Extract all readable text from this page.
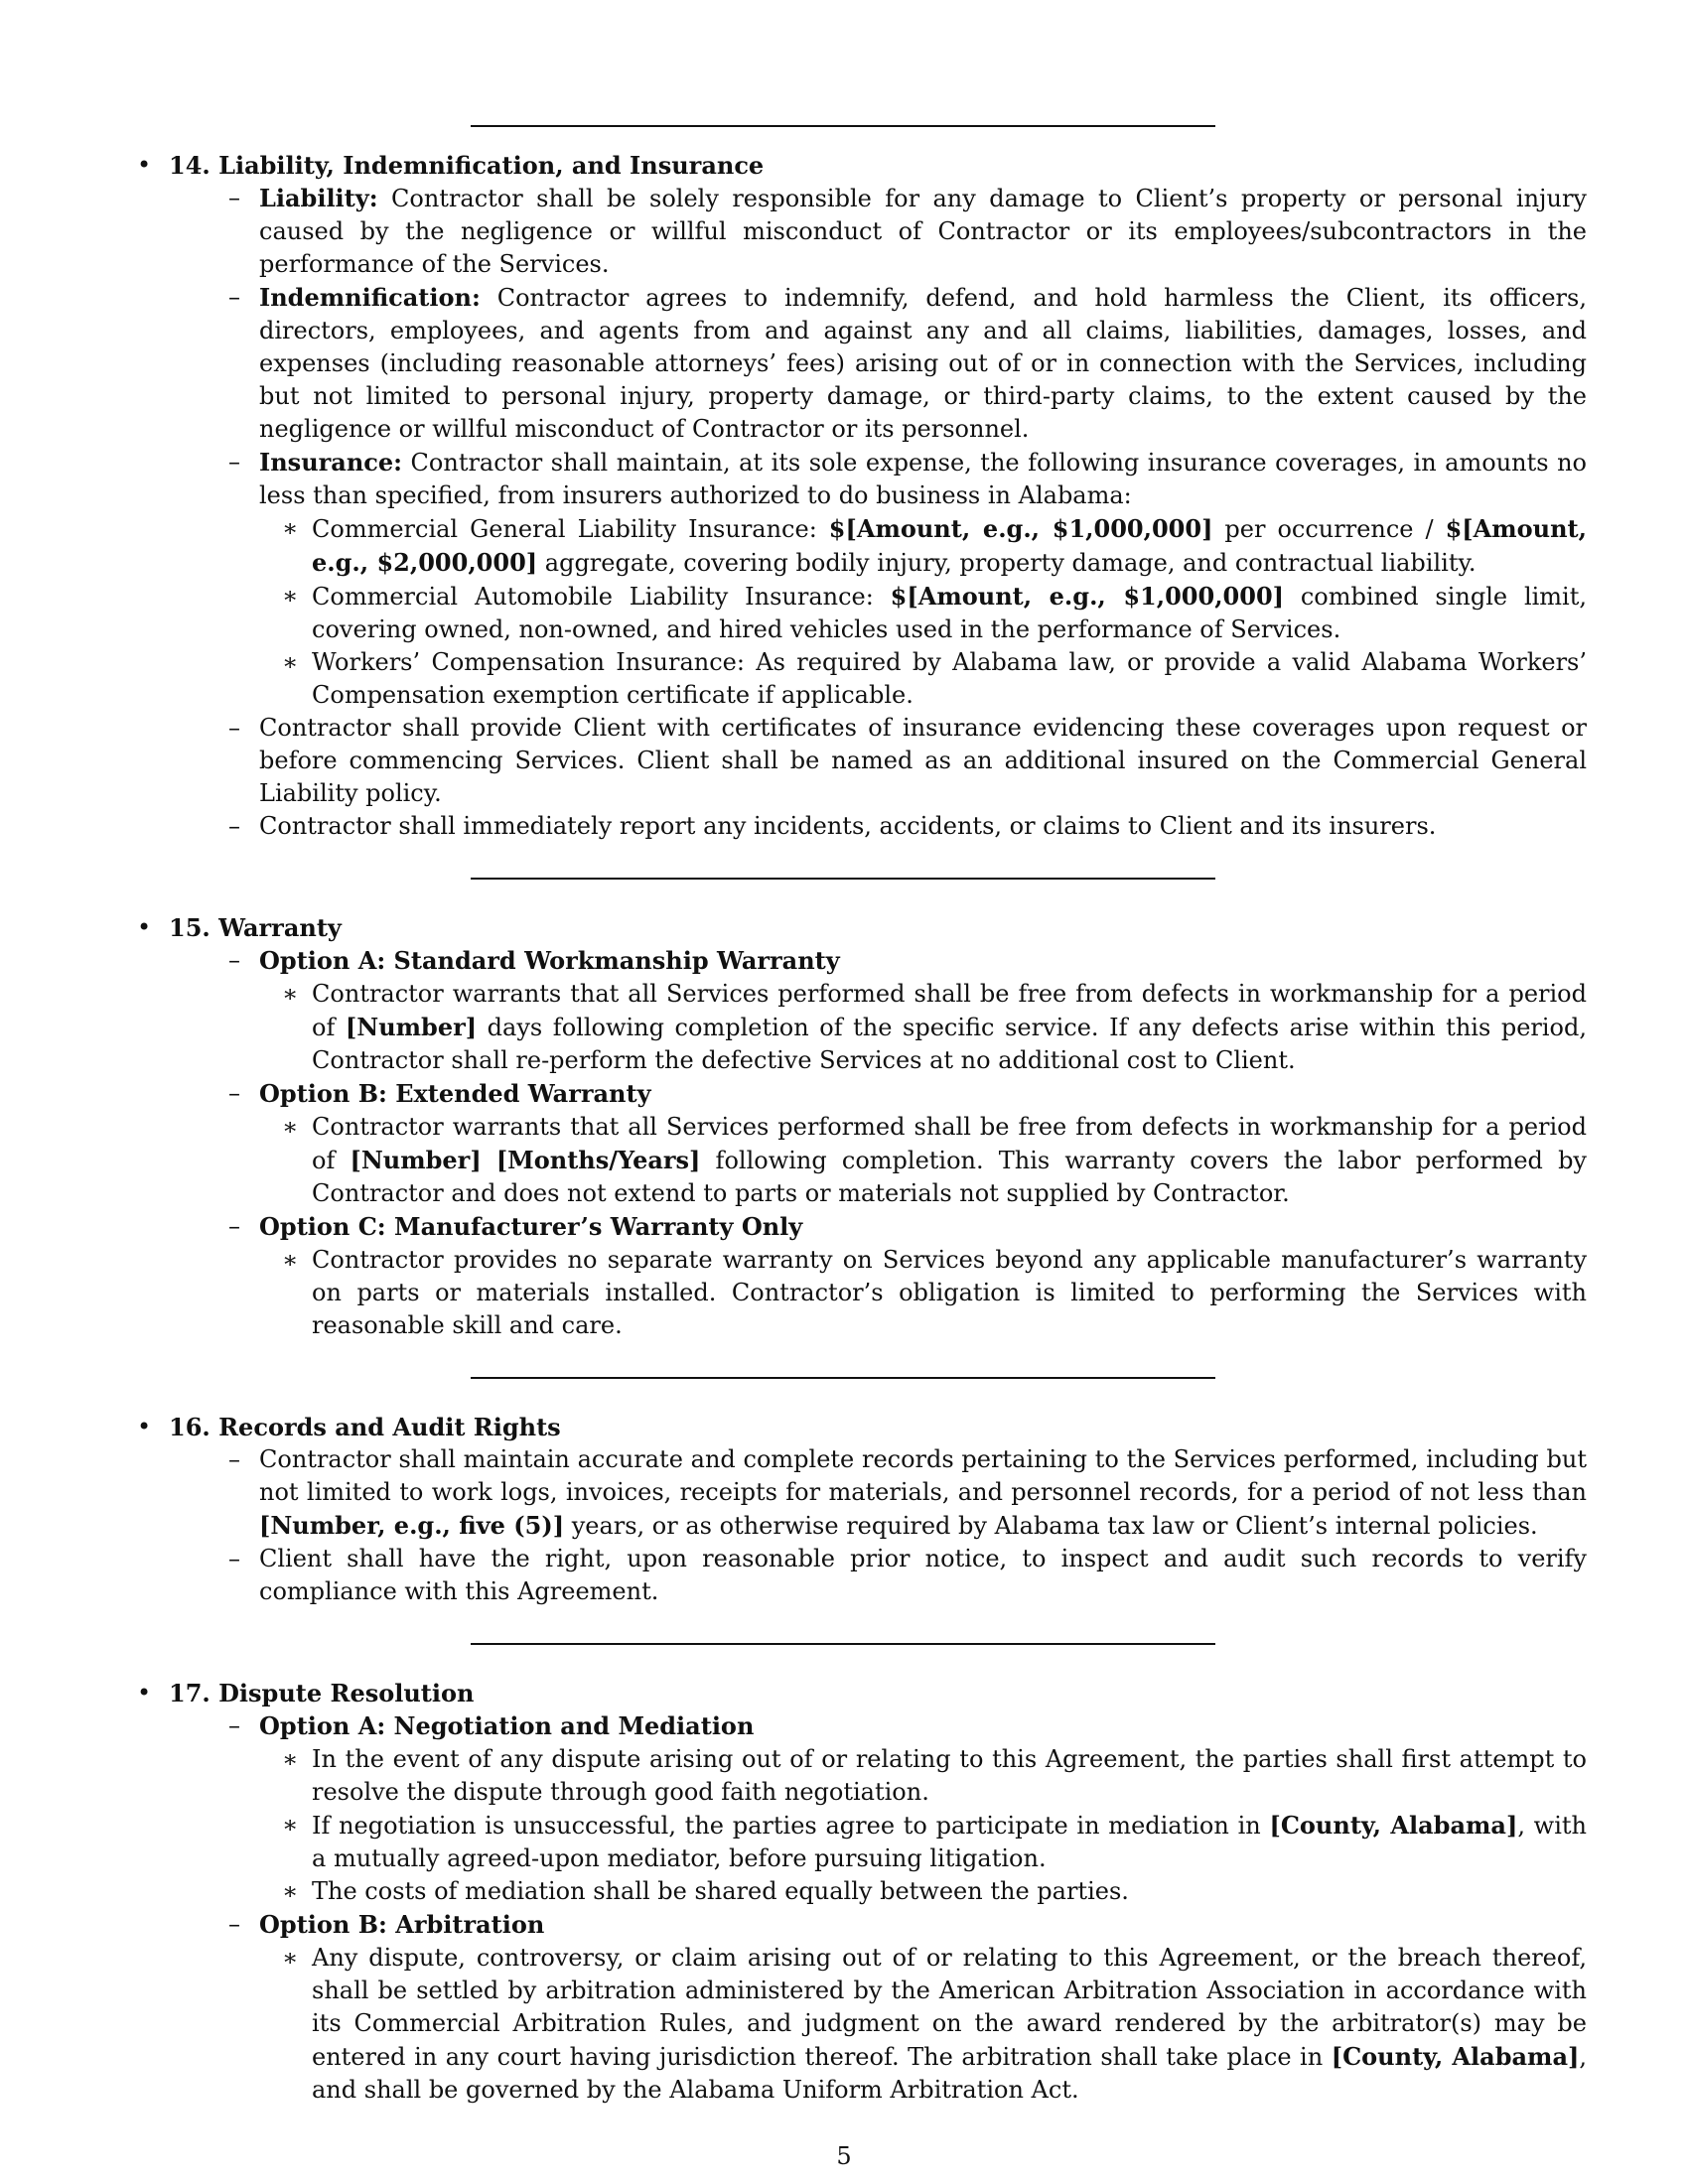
• 14. Liability, Indemnification, and Insurance
– Liability: Contractor shall be solely responsible for any damage to Client’s property or personal injury caused by the negligence or willful misconduct of Contractor or its employees/subcontractors in the performance of the Services.
– Indemnification: Contractor agrees to indemnify, defend, and hold harmless the Client, its officers, directors, employees, and agents from and against any and all claims, liabilities, damages, losses, and expenses (including reasonable attorneys’ fees) arising out of or in connection with the Services, including but not limited to personal injury, property damage, or third-party claims, to the extent caused by the negligence or willful misconduct of Contractor or its personnel.
– Insurance: Contractor shall maintain, at its sole expense, the following insurance coverages, in amounts no less than specified, from insurers authorized to do business in Alabama:
∗ Commercial General Liability Insurance: $[Amount, e.g., $1,000,000] per occurrence / $[Amount, e.g., $2,000,000] aggregate, covering bodily injury, property damage, and contractual liability.
∗ Commercial Automobile Liability Insurance: $[Amount, e.g., $1,000,000] combined single limit, covering owned, non-owned, and hired vehicles used in the performance of Services.
∗ Workers’ Compensation Insurance: As required by Alabama law, or provide a valid Alabama Workers’ Compensation exemption certificate if applicable.
– Contractor shall provide Client with certificates of insurance evidencing these coverages upon request or before commencing Services. Client shall be named as an additional insured on the Commercial General Liability policy.
– Contractor shall immediately report any incidents, accidents, or claims to Client and its insurers.
• 15. Warranty
– Option A: Standard Workmanship Warranty
∗ Contractor warrants that all Services performed shall be free from defects in workmanship for a period of [Number] days following completion of the specific service. If any defects arise within this period, Contractor shall re-perform the defective Services at no additional cost to Client.
– Option B: Extended Warranty
∗ Contractor warrants that all Services performed shall be free from defects in workmanship for a period of [Number] [Months/Years] following completion. This warranty covers the labor performed by Contractor and does not extend to parts or materials not supplied by Contractor.
– Option C: Manufacturer’s Warranty Only
∗ Contractor provides no separate warranty on Services beyond any applicable manufacturer’s warranty on parts or materials installed. Contractor’s obligation is limited to performing the Services with reasonable skill and care.
• 16. Records and Audit Rights
– Contractor shall maintain accurate and complete records pertaining to the Services performed, including but not limited to work logs, invoices, receipts for materials, and personnel records, for a period of not less than [Number, e.g., five (5)] years, or as otherwise required by Alabama tax law or Client’s internal policies.
– Client shall have the right, upon reasonable prior notice, to inspect and audit such records to verify compliance with this Agreement.
• 17. Dispute Resolution
– Option A: Negotiation and Mediation
∗ In the event of any dispute arising out of or relating to this Agreement, the parties shall first attempt to resolve the dispute through good faith negotiation.
∗ If negotiation is unsuccessful, the parties agree to participate in mediation in [County, Alabama], with a mutually agreed-upon mediator, before pursuing litigation.
∗ The costs of mediation shall be shared equally between the parties.
– Option B: Arbitration
∗ Any dispute, controversy, or claim arising out of or relating to this Agreement, or the breach thereof, shall be settled by arbitration administered by the American Arbitration Association in accordance with its Commercial Arbitration Rules, and judgment on the award rendered by the arbitrator(s) may be entered in any court having jurisdiction thereof. The arbitration shall take place in [County, Alabama], and shall be governed by the Alabama Uniform Arbitration Act.
5
